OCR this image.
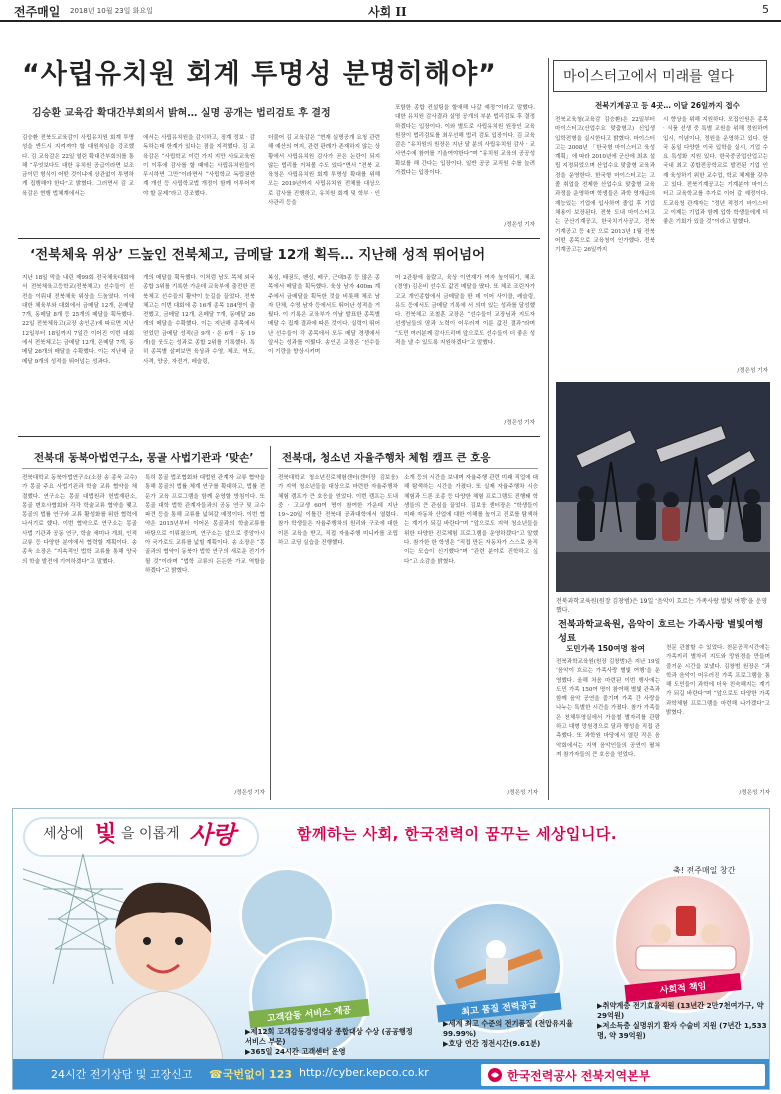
전주매일 2018년 10월 23일 화요일	사회 II	5
“사립유치원 회계 투명성 분명히해야”
김승환 교육감 확대간부회의서 밝혀… 실명 공개는 법리검토 후 결정
김승환 전북도교육감이 사립유치원 회계 투명성을 반드시 지켜져야 할 대원칙임을 강조했다. 김 교육감은 22일 열린 확대간부회의를 통해 “무엇보다도 대한 유치원 공급이라면 보조금이던 형식이 어떤 것이냐에 상관없이 투명하게 집행해야 한다”고 밝혔다. 그러면서 김 교육감은 현행 법체계에서는
에서는 사립유치원을 감시하고, 징계 정보 · 감독하는데 한계가 있다는 점을 지적했다. 김 교육감은 “사립학교 이런 가지 지만 사토교육원이 이후에 감사를 할 때에는 사립유치원들이 무시하면 그만”이라면서 “사립학교 독립권한계 개선 등 사립학교법 개정이 함께 이루어져야 할 문제”라고 강조했다.
더불어 김 교육감은 “현재 실명공개 요청 관련해 예산의 여지, 관련 판례가 존재하지 않는 상황에서 사립유치원 감사가 곧은 논란이 되지 않는 법리를 거쳐볼 수도 있다”면서 “전북 교육청은 사립유치원 회계 투명성 확대를 위해 오는 2019년까지 사립유치원 전체를 대상으로 감사를 진행하고, 유치원 회계 및 학부 · 인사관리 등을
포함한 종합 컨설팅을 할애해 나갈 예정”이라고 말했다. 대한 유치원 감사결과 실명 공개의 부분 법리검토 후 결정하겠다는 입장이다. 이와 별도로 사립유치원 원장인 교육 원장이 법리검토를 최우선해 법리 검토 입장이다. 김 교육감은 “유치원의 원장은 지난 달 분의 사립유치원 감사 · 교사연수에 참여를 기울여야한다”며 “유치원 교육의 공공성 확보를 해 간다는 입장이다. 일반 공공 교직원 수를 늘려 가겠다는 입장이다.
/정은성 기자
마이스터고에서 미래를 열다
전북기계공고 등 4곳… 이달 26일까지 접수
전북교육청(교육감 김승환)은 22일부터 마이스터고(산업수요 맞춤형고) 신입생 입학전형을 실시한다고 밝혔다. 마이스터고는 2008년 「한국형 마이스터고 육성계획」에 따라 2010년에 군산에 최초 설립 지정되었으며 산업수요 맞춤형 교육과정을 운영한다. 한국형 마이스터고는 고졸 취업을 전제한 산업수요 맞춤형 교육과정을 운영하며 학생들은 과학 영재급의 재능있는 기업에 입사하여 졸업 후 기업 채용이 보장된다. 전북 도내 마이스터고는 군산기계공고, 한국치기사공고, 전북기계공고 등 4곳 으로 2013년 1월 전북 어떤 종목으로 교육청이 인가했다. 전북기계공고는 26일까지
시 향상을 위해 지원하다. 모집인원은 종목 · 식품 선생 중 특별 교원을 위해 정원하여 입시, 이념이나, 정원을 운영하고 있다. 한국 동일 다양한 이국 입학을 실시, 기업 수요 특성화 지원 있다. 한국중공업산업고는 국내 최고 종합전공학교로 발전된 기업 인재 육성하기 위한 교수업, 학교 체제를 갖추고 있다. 전북기계공고는 기계분야 마이스터고 교육학교를 추가로 이어 갈 예정이다. 도교육청 관계자는 “정년 적정기 마이스터고 이제는 기업과 함께 입학 학생들에게 더 좋은 기회가 있을 것”이라고 말했다.
/정은성 기자
‘전북체육 위상’ 드높인 전북체고, 금메달 12개 획득… 지난해 성적 뛰어넘어
지난 18일 막을 내린 제99회 전국체육대회에서 전북체육고등학교(전북체고) 선수들이 선전을 이뤄내 전북체육 위상을 드높였다. 이에 대한 체육부와 대회에서 금메달 12개, 은메달 7개, 동메달 8개 등 25개의 메달을 획득했다. 22일 전북체육고(교장 송인곤)에 따르면 지난 12일부터 18일까지 7일간 이어진 이번 대회에서 전북체고는 금메달 12개, 은메달 7개, 동메달 26개의 메달을 수확했다. 이는 지난해 금메달 9개의 성적을 뛰어넘는 성과다.
개의 메달을 획득했다. 이처럼 남도 똑체 외국 종합 3위를 기록한 가운데 교육부에 출전한 전북체고 선수들의 활약이 눈길을 끌었다. 전북체고는 이번 대회에 총 16개 종목 184명이 출전했고, 금메달 12개, 은메달 7개, 동메달 26개의 메달을 수확했다. 이는 지난해 종목에서 얻었던 금메달 성적(금 9개 · 은 6개 · 동 19개)을 웃도는 성과로 종합 2위를 기록했다. 특히 종목별 살펴보면 육상과 수영, 체조, 역도, 사격, 양궁, 자전거, 레슬링,
복싱, 태권도, 펜싱, 배구, 근대5종 등 많은 종목에서 메달을 획득했다. 육상 남자 400m 계주에서 금메달을 획득한 것을 비롯해 체조 남자 단체, 수영 남자 등에서도 뛰어난 성적을 거뒀다. 이 기록은 교육부가 이날 발표한 종목별 메달 수 집계 결과에 따른 것이다. 실력이 뛰어난 선수들이 각 종목에서 모두 메달 경쟁에서 앞서는 성과를 이뤘다. 송인곤 교장은 ″선수들이 기량을 향상시키며
어 2관왕에 올랐고, 육상 이연재가 여자 높이뛰기, 체조(경영) 김은비 선수도 값진 메달을 땄다. 또 체조 조린자가 고교 개인종합에서 금메달을 딴 데 이어 사이클, 레슬링, 유도 등에서도 금메달 기록에 서 의미 있는 성과를 달성했다. 전북체고 조철훈 교장은 “선수들이 교장님과 지도자 선생님들의 땀과 노력이 어우러져 이룬 값진 결과”라며 “도민 여러분께 감사드리며 앞으로도 선수들이 더 좋은 성적을 낼 수 있도록 지원하겠다”고 말했다.
/정은성 기자
전북대 동북아법연구소, 몽골 사법기관과 ‘맞손’
전북대학교 동북아법연구소(소장 송 종욱 교수)가 몽골 주요 사법기관과 학술 교류 협약을 체결했다. 연구소는 몽골 대법원과 헌법재판소, 몽골 변호사협회와 각각 학술교류 협약을 맺고 몽골의 법률 연구와 교류 활성화를 위한 협력에 나서기로 했다. 이번 협약으로 연구소는 몽골 사법 기관과 공동 연구, 학술 세미나 개최, 인적 교류 등 다양한 분야에서 협력할 계획이다. 송종욱 소장은 “지속적인 법학 교류를 통해 양국의 학술 발전에 기여하겠다”고 말했다.
특히 몽골 법조협회와 대법원 관계자 교류 협약을 통해 몽골의 법률 체계 연구를 확대하고, 법률 전문가 교육 프로그램을 함께 운영할 방침이다. 또 몽골 대학 법학 관계자들과의 공동 연구 및 교수 파견 등을 통해 교류를 넓혀갈 예정이다. 이번 협약은 2015년부터 이어온 몽골과의 학술교류를 바탕으로 이뤄졌으며, 연구소는 앞으로 중앙아시아 국가로도 교류를 넓힐 계획이다. 송 소장은 “몽골과의 협약이 동북아 법학 연구의 새로운 전기가 될 것”이라며 “법학 교류의 든든한 가교 역할을 하겠다”고 밝혔다.
/정은성 기자
전북대, 청소년 자율주행차 체험 캠프 큰 호응
전북대학교 청소년진로체험센터(센터장 김보웅)가 지역 청소년들을 대상으로 마련한 자율주행차 체험 캠프가 큰 호응을 얻었다. 이번 캠프는 도내 중 · 고교생 60여 명이 참여한 가운데 지난 19~20일 이틀간 전북대 공과대학에서 열렸다. 참가 학생들은 자율주행차의 원리와 구조에 대한 이론 교육을 받고, 직접 자율주행 미니카를 조립하고 코딩 실습을 진행했다.
소개 등의 시간을 보내며 자율주행 관련 미래 직업에 대해 탐색하는 시간을 가졌다. 또 실제 자율주행차 시승 체험과 드론 조종 등 다양한 체험 프로그램도 진행돼 학생들의 큰 관심을 끌었다. 김보웅 센터장은 “학생들이 미래 자동차 산업에 대한 이해를 높이고 진로를 탐색하는 계기가 되길 바란다”며 “앞으로도 지역 청소년들을 위한 다양한 진로체험 프로그램을 운영하겠다”고 말했다. 참가한 한 학생은 “직접 만든 자동차가 스스로 움직이는 모습이 신기했다”며 “관련 분야로 진학하고 싶다”고 소감을 밝혔다.
/정은성 기자
전북과학교육원(원장 김창범)은 19일 ‘음악이 흐르는 가족사랑 별빛 여행’을 운영했다.
전북과학교육원, 음악이 흐르는 가족사랑 별빛여행 성료
도민가족 150여명 참여
전북과학교육원(원장 김창범)은 지난 19일 ‘음악이 흐르는 가족사랑 별빛 여행’을 운영했다. 올해 처음 마련된 이번 행사에는 도민 가족 150여 명이 참여해 별빛 관측과 함께 음악 공연을 즐기며 가족 간 사랑을 나누는 특별한 시간을 가졌다. 참가 가족들은 천체투영실에서 가을철 별자리를 관람하고 대형 망원경으로 달과 행성을 직접 관측했다. 또 과학원 마당에서 열린 작은 음악회에서는 지역 음악인들의 공연이 펼쳐져 참가자들의 큰 호응을 얻었다.
천문 관찰할 수 있었다. 천문공작시간에는 가족끼리 별자리 지도와 망원경을 만들며 즐거운 시간을 보냈다. 김창범 원장은 “과학과 음악이 어우러진 가족 프로그램을 통해 도민들이 과학에 더욱 친숙해지는 계기가 되길 바란다”며 “앞으로도 다양한 가족 과학체험 프로그램을 마련해 나가겠다”고 밝혔다.
/정은성 기자
세상에 빛 을 이롭게 사랑	함께하는 사회, 한국전력이 꿈꾸는 세상입니다.
축! 전주매일 창간
고객감동 서비스 제공
▶제12회 고객감동경영대상 종합대상 수상 (공공행정 서비스 부문)
▶365일 24시간 고객센터 운영
최고 품질 전력공급
▶세계 최고 수준의 전기품질 (전압유지율 99.99%)
▶호당 연간 정전시간(9.61분)
사회적 책임
▶취약계층 전기효율지원 (13년간 2만7천여가구, 약 29억원)
▶저소득층 실명위기 환자 수술비 지원 (7년간 1,533명, 약 39억원)
24시간 전기상담 및 고장신고 ☎국번없이 123 http://cyber.kepco.co.kr	한국전력공사 전북지역본부
